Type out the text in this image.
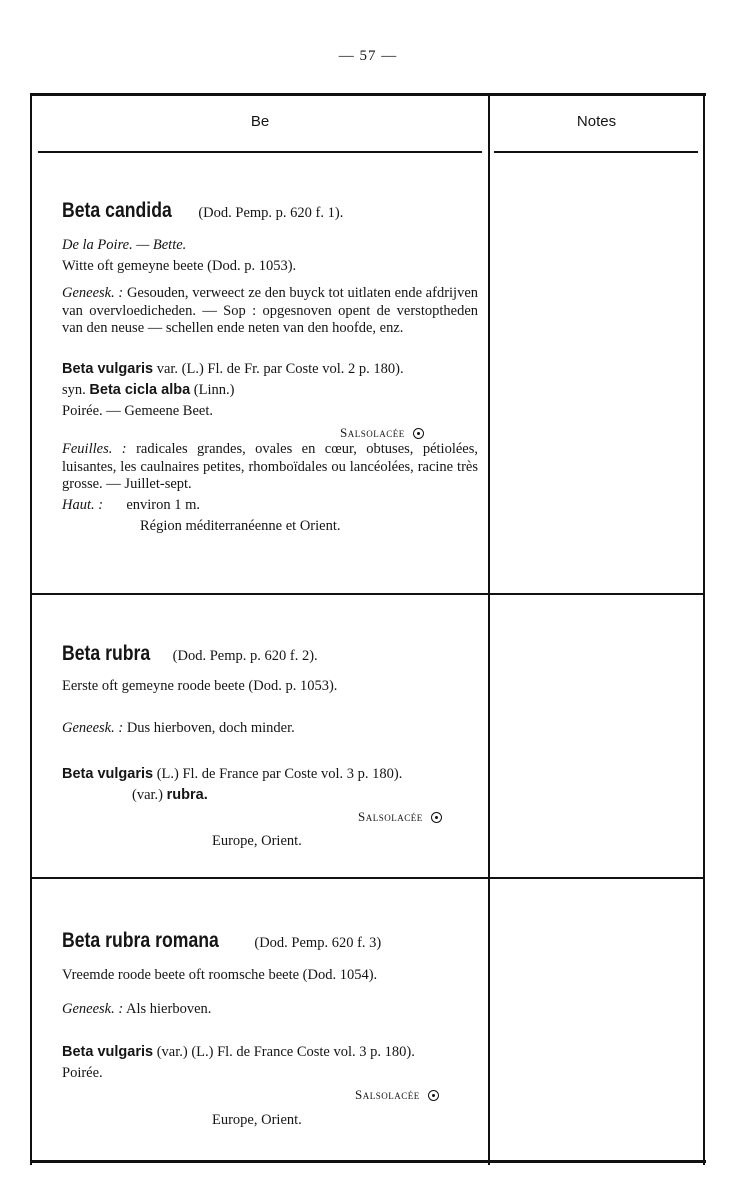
— 57 —
Be	Notes
Beta candida (Dod. Pemp. p. 620 f. 1).
De la Poire. — Bette.
Witte oft gemeyne beete (Dod. p. 1053).
Geneesk. : Gesouden, verweect ze den buyck tot uitlaten ende afdrijven van overvloedicheden. — Sop : opgesnoven opent de verstoptheden van den neuse — schellen ende neten van den hoofde, enz.
Beta vulgaris var. (L.) Fl. de Fr. par Coste vol. 2 p. 180).
syn. Beta cicla alba (Linn.)
Poirée. — Gemeene Beet.
Salsolacée
Feuilles. : radicales grandes, ovales en cœur, obtuses, pétiolées, luisantes, les caulnaires petites, rhomboïdales ou lancéolées, racine très grosse. — Juillet-sept.
Haut. : environ 1 m.
Région méditerranéenne et Orient.
Beta rubra (Dod. Pemp. p. 620 f. 2).
Eerste oft gemeyne roode beete (Dod. p. 1053).
Geneesk. : Dus hierboven, doch minder.
Beta vulgaris (L.) Fl. de France par Coste vol. 3 p. 180).
(var.) rubra.
Salsolacée
Europe, Orient.
Beta rubra romana (Dod. Pemp. 620 f. 3)
Vreemde roode beete oft roomsche beete (Dod. 1054).
Geneesk. : Als hierboven.
Beta vulgaris (var.) (L.) Fl. de France Coste vol. 3 p. 180).
Poirée.
Salsolacée
Europe, Orient.
